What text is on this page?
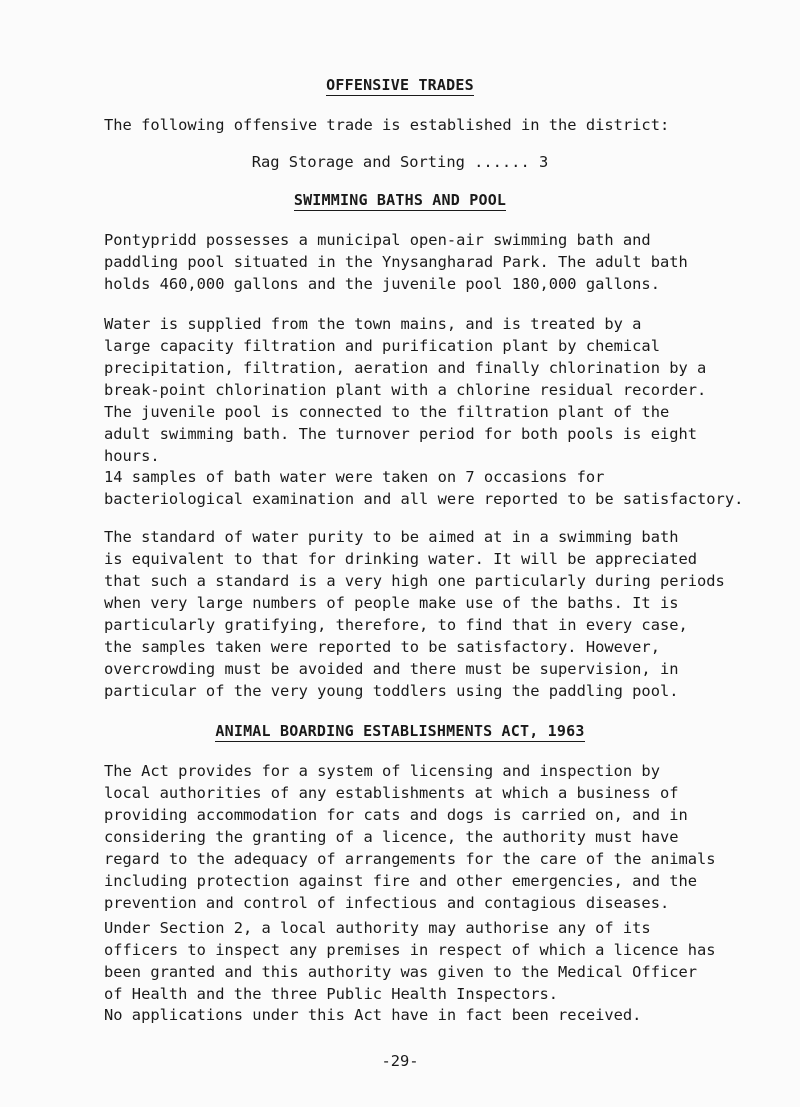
OFFENSIVE TRADES

The following offensive trade is established in the district:

Rag Storage and Sorting ...... 3

SWIMMING BATHS AND POOL

Pontypridd possesses a municipal open-air swimming bath and
paddling pool situated in the Ynysangharad Park. The adult bath
holds 460,000 gallons and the juvenile pool 180,000 gallons.

Water is supplied from the town mains, and is treated by a
large capacity filtration and purification plant by chemical
precipitation, filtration, aeration and finally chlorination by a
break-point chlorination plant with a chlorine residual recorder.
The juvenile pool is connected to the filtration plant of the
adult swimming bath. The turnover period for both pools is eight
hours.

14 samples of bath water were taken on 7 occasions for
bacteriological examination and all were reported to be satisfactory.

The standard of water purity to be aimed at in a swimming bath
is equivalent to that for drinking water. It will be appreciated
that such a standard is a very high one particularly during periods
when very large numbers of people make use of the baths. It is
particularly gratifying, therefore, to find that in every case,
the samples taken were reported to be satisfactory. However,
overcrowding must be avoided and there must be supervision, in
particular of the very young toddlers using the paddling pool.

ANIMAL BOARDING ESTABLISHMENTS ACT, 1963

The Act provides for a system of licensing and inspection by
local authorities of any establishments at which a business of
providing accommodation for cats and dogs is carried on, and in
considering the granting of a licence, the authority must have
regard to the adequacy of arrangements for the care of the animals
including protection against fire and other emergencies, and the
prevention and control of infectious and contagious diseases.

Under Section 2, a local authority may authorise any of its
officers to inspect any premises in respect of which a licence has
been granted and this authority was given to the Medical Officer
of Health and the three Public Health Inspectors.

No applications under this Act have in fact been received.

-29-
